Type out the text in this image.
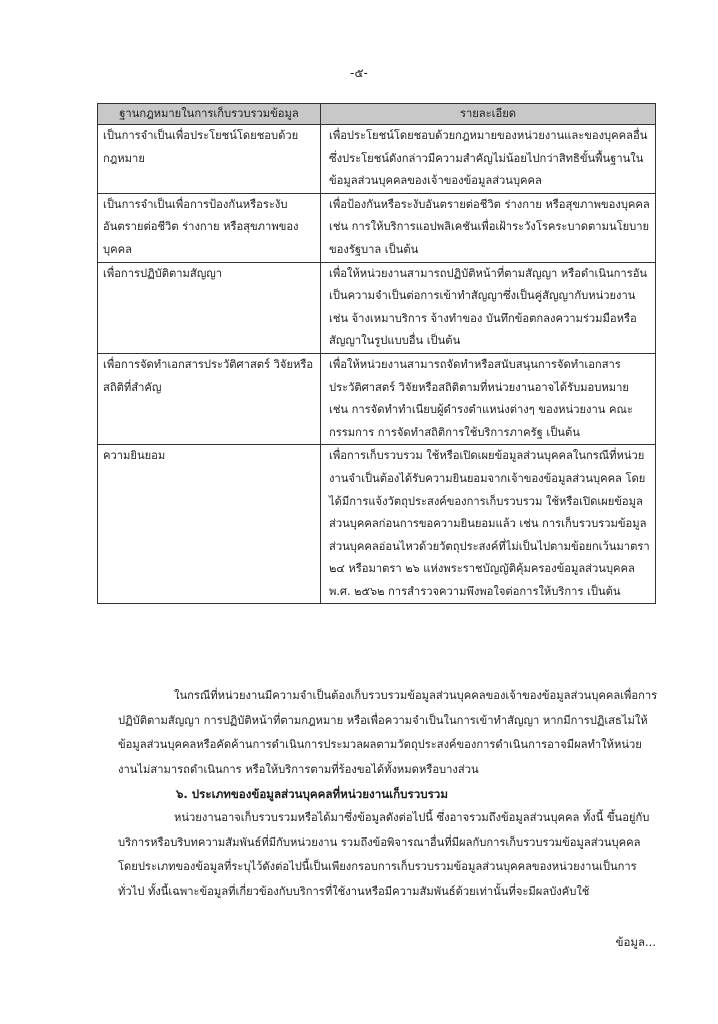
-๕-
ฐานกฎหมายในการเก็บรวบรวมข้อมูล	รายละเอียด
เป็นการจำเป็นเพื่อประโยชน์โดยชอบด้วยกฎหมาย	เพื่อประโยชน์โดยชอบด้วยกฎหมายของหน่วยงานและของบุคคลอื่น ซึ่งประโยชน์ดังกล่าวมีความสำคัญไม่น้อยไปกว่าสิทธิขั้นพื้นฐานในข้อมูลส่วนบุคคลของเจ้าของข้อมูลส่วนบุคคล
เป็นการจำเป็นเพื่อการป้องกันหรือระงับอันตรายต่อชีวิต ร่างกาย หรือสุขภาพของบุคคล	เพื่อป้องกันหรือระงับอันตรายต่อชีวิต ร่างกาย หรือสุขภาพของบุคคล เช่น การให้บริการแอปพลิเคชันเพื่อเฝ้าระวังโรคระบาดตามนโยบายของรัฐบาล เป็นต้น
เพื่อการปฏิบัติตามสัญญา	เพื่อให้หน่วยงานสามารถปฏิบัติหน้าที่ตามสัญญา หรือดำเนินการอันเป็นความจำเป็นต่อการเข้าทำสัญญาซึ่งเป็นคู่สัญญากับหน่วยงาน เช่น จ้างเหมาบริการ จ้างทำของ บันทึกข้อตกลงความร่วมมือหรือสัญญาในรูปแบบอื่น เป็นต้น
เพื่อการจัดทำเอกสารประวัติศาสตร์ วิจัยหรือสถิติที่สำคัญ	เพื่อให้หน่วยงานสามารถจัดทำหรือสนับสนุนการจัดทำเอกสารประวัติศาสตร์ วิจัยหรือสถิติตามที่หน่วยงานอาจได้รับมอบหมาย เช่น การจัดทำทำเนียบผู้ดำรงตำแหน่งต่างๆ ของหน่วยงาน คณะกรรมการ การจัดทำสถิติการใช้บริการภาครัฐ เป็นต้น
ความยินยอม	เพื่อการเก็บรวบรวม ใช้หรือเปิดเผยข้อมูลส่วนบุคคลในกรณีที่หน่วยงานจำเป็นต้องได้รับความยินยอมจากเจ้าของข้อมูลส่วนบุคคล โดยได้มีการแจ้งวัตถุประสงค์ของการเก็บรวบรวม ใช้หรือเปิดเผยข้อมูลส่วนบุคคลก่อนการขอความยินยอมแล้ว เช่น การเก็บรวบรวมข้อมูลส่วนบุคคลอ่อนไหวด้วยวัตถุประสงค์ที่ไม่เป็นไปตามข้อยกเว้นมาตรา ๒๔ หรือมาตรา ๒๖ แห่งพระราชบัญญัติคุ้มครองข้อมูลส่วนบุคคล พ.ศ. ๒๕๖๒ การสำรวจความพึงพอใจต่อการให้บริการ เป็นต้น

ในกรณีที่หน่วยงานมีความจำเป็นต้องเก็บรวบรวมข้อมูลส่วนบุคคลของเจ้าของข้อมูลส่วนบุคคลเพื่อการปฏิบัติตามสัญญา การปฏิบัติหน้าที่ตามกฎหมาย หรือเพื่อความจำเป็นในการเข้าทำสัญญา หากมีการปฏิเสธไม่ให้ข้อมูลส่วนบุคคลหรือคัดค้านการดำเนินการประมวลผลตามวัตถุประสงค์ของการดำเนินการอาจมีผลทำให้หน่วยงานไม่สามารถดำเนินการ หรือให้บริการตามที่ร้องขอได้ทั้งหมดหรือบางส่วน

๖. ประเภทของข้อมูลส่วนบุคคลที่หน่วยงานเก็บรวบรวม

หน่วยงานอาจเก็บรวบรวมหรือได้มาซึ่งข้อมูลดังต่อไปนี้ ซึ่งอาจรวมถึงข้อมูลส่วนบุคคล ทั้งนี้ ขึ้นอยู่กับบริการหรือบริบทความสัมพันธ์ที่มีกับหน่วยงาน รวมถึงข้อพิจารณาอื่นที่มีผลกับการเก็บรวบรวมข้อมูลส่วนบุคคล โดยประเภทของข้อมูลที่ระบุไว้ดังต่อไปนี้เป็นเพียงกรอบการเก็บรวบรวมข้อมูลส่วนบุคคลของหน่วยงานเป็นการทั่วไป ทั้งนี้เฉพาะข้อมูลที่เกี่ยวข้องกับบริการที่ใช้งานหรือมีความสัมพันธ์ด้วยเท่านั้นที่จะมีผลบังคับใช้

ข้อมูล...
